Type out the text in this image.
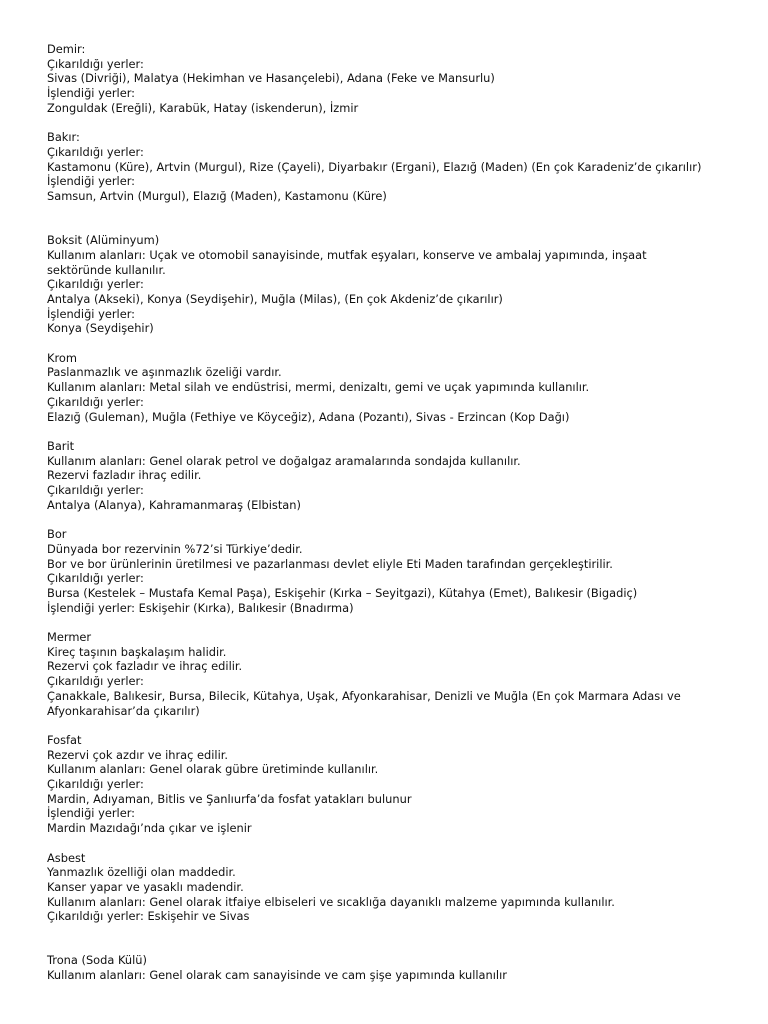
Demir:
Çıkarıldığı yerler:
Sivas (Divriği), Malatya (Hekimhan ve Hasançelebi), Adana (Feke ve Mansurlu)
İşlendiği yerler:
Zonguldak (Ereğli), Karabük, Hatay (iskenderun), İzmir
Bakır:
Çıkarıldığı yerler:
Kastamonu (Küre), Artvin (Murgul), Rize (Çayeli), Diyarbakır (Ergani), Elazığ (Maden) (En çok Karadeniz’de çıkarılır)
İşlendiği yerler:
Samsun, Artvin (Murgul), Elazığ (Maden), Kastamonu (Küre)
Boksit (Alüminyum)
Kullanım alanları: Uçak ve otomobil sanayisinde, mutfak eşyaları, konserve ve ambalaj yapımında, inşaat sektöründe kullanılır.
Çıkarıldığı yerler:
Antalya (Akseki), Konya (Seydişehir), Muğla (Milas), (En çok Akdeniz’de çıkarılır)
İşlendiği yerler:
Konya (Seydişehir)
Krom
Paslanmazlık ve aşınmazlık özeliği vardır.
Kullanım alanları: Metal silah ve endüstrisi, mermi, denizaltı, gemi ve uçak yapımında kullanılır.
Çıkarıldığı yerler:
Elazığ (Guleman), Muğla (Fethiye ve Köyceğiz), Adana (Pozantı), Sivas - Erzincan (Kop Dağı)
Barit
Kullanım alanları: Genel olarak petrol ve doğalgaz aramalarında sondajda kullanılır.
Rezervi fazladır ihraç edilir.
Çıkarıldığı yerler:
Antalya (Alanya), Kahramanmaraş (Elbistan)
Bor
Dünyada bor rezervinin %72’si Türkiye’dedir.
Bor ve bor ürünlerinin üretilmesi ve pazarlanması devlet eliyle Eti Maden tarafından gerçekleştirilir.
Çıkarıldığı yerler:
Bursa (Kestelek – Mustafa Kemal Paşa), Eskişehir (Kırka – Seyitgazi), Kütahya (Emet), Balıkesir (Bigadiç)
İşlendiği yerler: Eskişehir (Kırka), Balıkesir (Bnadırma)
Mermer
Kireç taşının başkalaşım halidir.
Rezervi çok fazladır ve ihraç edilir.
Çıkarıldığı yerler:
Çanakkale, Balıkesir, Bursa, Bilecik, Kütahya, Uşak, Afyonkarahisar, Denizli ve Muğla (En çok Marmara Adası ve Afyonkarahisar’da çıkarılır)
Fosfat
Rezervi çok azdır ve ihraç edilir.
Kullanım alanları: Genel olarak gübre üretiminde kullanılır.
Çıkarıldığı yerler:
Mardin, Adıyaman, Bitlis ve Şanlıurfa’da fosfat yatakları bulunur
İşlendiği yerler:
Mardin Mazıdağı’nda çıkar ve işlenir
Asbest
Yanmazlık özelliği olan maddedir.
Kanser yapar ve yasaklı madendir.
Kullanım alanları: Genel olarak itfaiye elbiseleri ve sıcaklığa dayanıklı malzeme yapımında kullanılır.
Çıkarıldığı yerler: Eskişehir ve Sivas
Trona (Soda Külü)
Kullanım alanları: Genel olarak cam sanayisinde ve cam şişe yapımında kullanılır
